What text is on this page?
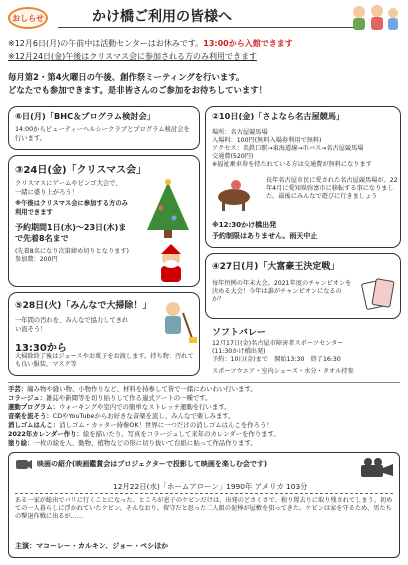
おしらせ	かけ橋ご利用の皆様へ
※12月6日(月)の午前中は活動センターはお休みです。13:00から入館できます
※12月24日(金)午後はクリスマス会に参加される方のみ利用できます
毎月第2・第4火曜日の午後、創作祭ミーティングを行います。
どなたでも参加できます。是非皆さんのご参加をお待ちしています！
⑥日(月)「BHC＆プログラム検討会」
14:00からビューティーヘルシークラブとプログラム検討会を行います。
③24日(金)「クリスマス会」
クリスマスにゲームやビンゴ大会で、一緒に盛り上がろう！
※午後はクリスマス会に参加する方のみ利用できます
予約期間1日(水)～23日(木)まで先着8名まで
(先着8名になり次第締め切りとなります)参加費：200円
⑤28日(火)「みんなで大掃除！」
一年間の汚れを、みんなで協力してきれい流そう！
13:30から
大掃除終了後はジュースやお菓子をお渡します。持ち物：汚れても良い服装、マスク等
②10日(金)「さよなら名古屋競馬」
場所：名古屋競馬場
入場料：100円(無料入場券利用で無料)
アクセス：名鉄口駅→東海道線→市バス→名古屋競馬場
交通費(520円)
※福祉乗車券を持たれている方は交通費が無料になります
長年名古屋市民に愛された名古屋競馬場が、22年4月に愛知県弥富市に移転する事になりました。最後にみんなで遊びに行きましょう
※12:30かけ橋出発
予約制限はありません。雨天中止
④27日(月)「大富豪王決定戦」
毎年恒例の年末大会。2021年度のチャンピオンを決める大会！今年は誰がチャンピオンになるのか？
ソフトバレー
12月17日(金)名古屋市障害者スポーツセンター
(11:30かけ橋出発)
予約：10日(金)まで　開始13:30　終了16:30
スポーツウエア・室内シューズ・水分・タオル持参
手芸：編み物や縫い物、小物作りなど、材料を持参して皆で一緒にわいわい行います。
コラージュ：雑誌や新聞等を切り貼りして作る適式アートの一種です。
運動プログラム：ウォーキングや室内での簡単なストレッチ運動を行います。
音楽を流そう：CDやYouTubeからお好きな音楽を流し、みんなで楽しみます。
消しゴムはんこ：消しゴム・カッター持参OK！世界に一つだけの消しゴムはんこを作ろう！
2022年カレンダー作り：絵を描いたり、写真をコラージュして来年のカレンダーを作ります。
塗り絵：一枚の絵を人、動物、植物などの形に切り抜いて台紙に貼って作品作ります。
映画の紹介(映画鑑賞会はプロジェクターで投影して映画を楽しむ会です)
12月22日(水)「ホームアローン」1990年 アメリカ 103分
ある一家が総出でパリに行くことになった。ところが息子のケビンだけは、出発のどさくさで、独り置去りに取り残されてしまう。初めての一人暮らしに浮かれていたケビン。そんなおり、留守だと思った二人組の泥棒が屋敷を狙ってきた。ケビンは家を守るため、男たちの撃退作戦に出るが……
主演：マコーレー・カルキン、ジョー・ペシほか
